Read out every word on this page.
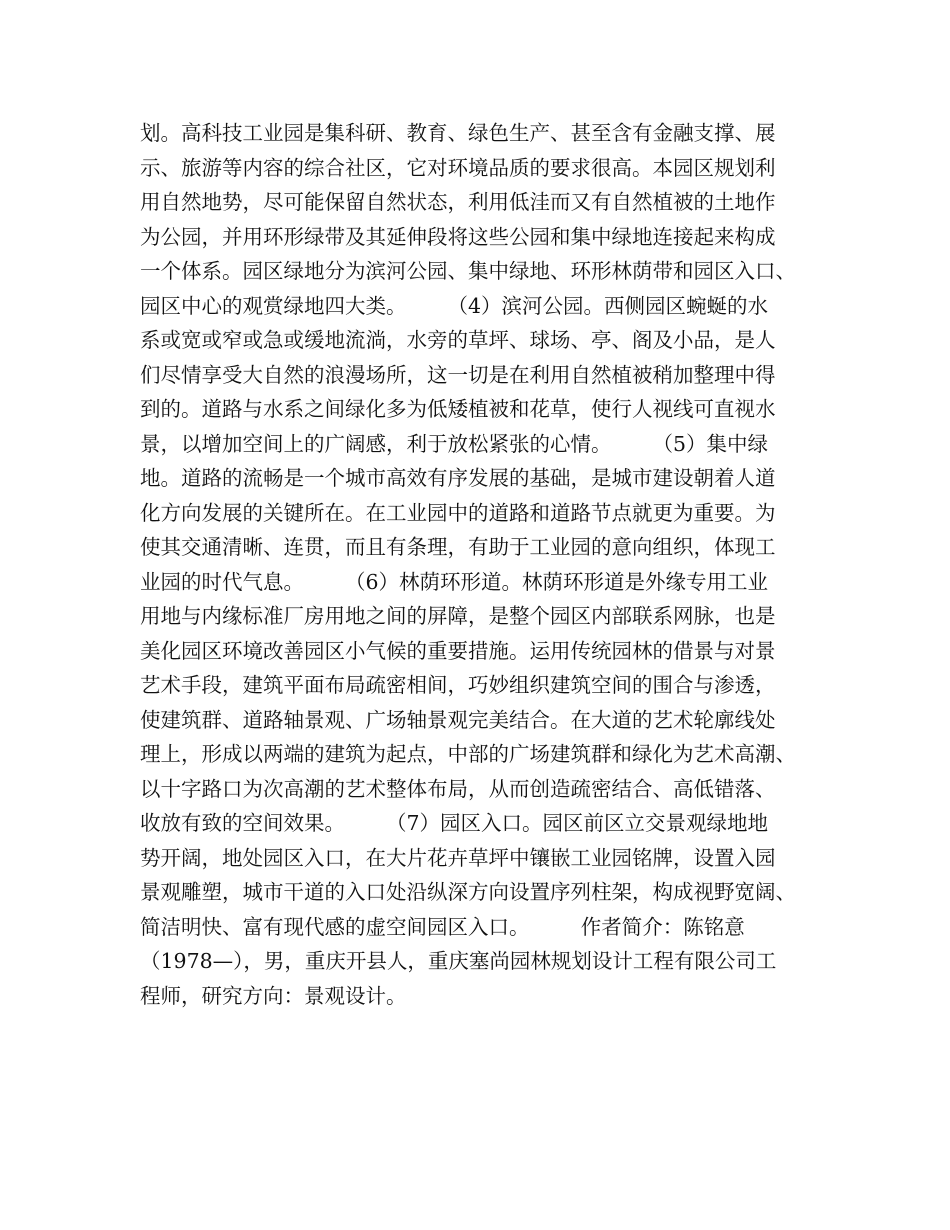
划。高科技工业园是集科研、教育、绿色生产、甚至含有金融支撑、展
示、旅游等内容的综合社区，它对环境品质的要求很高。本园区规划利
用自然地势，尽可能保留自然状态，利用低洼而又有自然植被的土地作
为公园，并用环形绿带及其延伸段将这些公园和集中绿地连接起来构成
一个体系。园区绿地分为滨河公园、集中绿地、环形林荫带和园区入口、
园区中心的观赏绿地四大类。　　　（4）滨河公园。西侧园区蜿蜒的水
系或宽或窄或急或缓地流淌，水旁的草坪、球场、亭、阁及小品，是人
们尽情享受大自然的浪漫场所，这一切是在利用自然植被稍加整理中得
到的。道路与水系之间绿化多为低矮植被和花草，使行人视线可直视水
景，以增加空间上的广阔感，利于放松紧张的心情。　　　（5）集中绿
地。道路的流畅是一个城市高效有序发展的基础，是城市建设朝着人道
化方向发展的关键所在。在工业园中的道路和道路节点就更为重要。为
使其交通清晰、连贯，而且有条理，有助于工业园的意向组织，体现工
业园的时代气息。　　　（6）林荫环形道。林荫环形道是外缘专用工业
用地与内缘标准厂房用地之间的屏障，是整个园区内部联系网脉，也是
美化园区环境改善园区小气候的重要措施。运用传统园林的借景与对景
艺术手段，建筑平面布局疏密相间，巧妙组织建筑空间的围合与渗透，
使建筑群、道路轴景观、广场轴景观完美结合。在大道的艺术轮廓线处
理上，形成以两端的建筑为起点，中部的广场建筑群和绿化为艺术高潮、
以十字路口为次高潮的艺术整体布局，从而创造疏密结合、高低错落、
收放有致的空间效果。　　　（7）园区入口。园区前区立交景观绿地地
势开阔，地处园区入口，在大片花卉草坪中镶嵌工业园铭牌，设置入园
景观雕塑，城市干道的入口处沿纵深方向设置序列柱架，构成视野宽阔、
简洁明快、富有现代感的虚空间园区入口。　　　作者简介：陈铭意
（1978—），男，重庆开县人，重庆塞尚园林规划设计工程有限公司工
程师，研究方向：景观设计。
